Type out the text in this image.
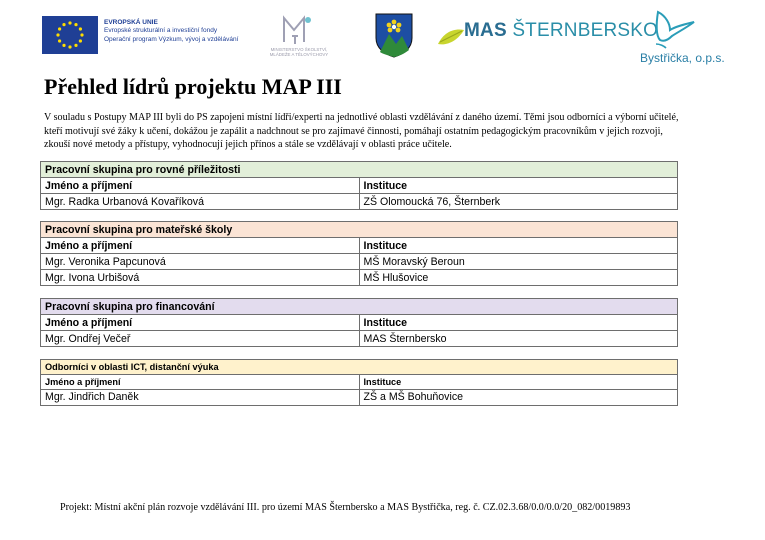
EVROPSKÁ UNIE
Evropské strukturální a investiční fondy
Operační program Výzkum, vývoj a vzdělávání
MINISTERSTVO ŠKOLSTVÍ,
MLÁDEŽE A TĚLOVÝCHOVY
MAS ŠTERNBERSKO
Bystřička, o.p.s.
Přehled lídrů projektu MAP III

V souladu s Postupy MAP III byli do PS zapojeni místní lídři/experti na jednotlivé oblasti vzdělávání z daného území. Těmi jsou odborníci a výborní učitelé, kteří motivují své žáky k učení, dokážou je zapálit a nadchnout se pro zajímavé činnosti, pomáhají ostatním pedagogickým pracovníkům v jejich rozvoji, zkouší nové metody a přístupy, vyhodnocují jejich přínos a stále se vzdělávají v oblasti práce učitele.

Pracovní skupina pro rovné příležitosti	
Jméno a příjmení	Instituce
Mgr. Radka Urbanová Kovaříková	ZŠ Olomoucká 76, Šternberk
Pracovní skupina pro mateřské školy	
Jméno a příjmení	Instituce
Mgr. Veronika Papcunová	MŠ Moravský Beroun
Mgr. Ivona Urbišová	MŠ Hlušovice
Pracovní skupina pro financování	
Jméno a příjmení	Instituce
Mgr. Ondřej Večeř	MAS Šternbersko
Odborníci v oblasti ICT, distanční výuka	
Jméno a příjmení	Instituce
Mgr. Jindřich Daněk	ZŠ a MŠ Bohuňovice

Projekt: Místní akční plán rozvoje vzdělávání III. pro území MAS Šternbersko a MAS Bystřička, reg. č. CZ.02.3.68/0.0/0.0/20_082/0019893
